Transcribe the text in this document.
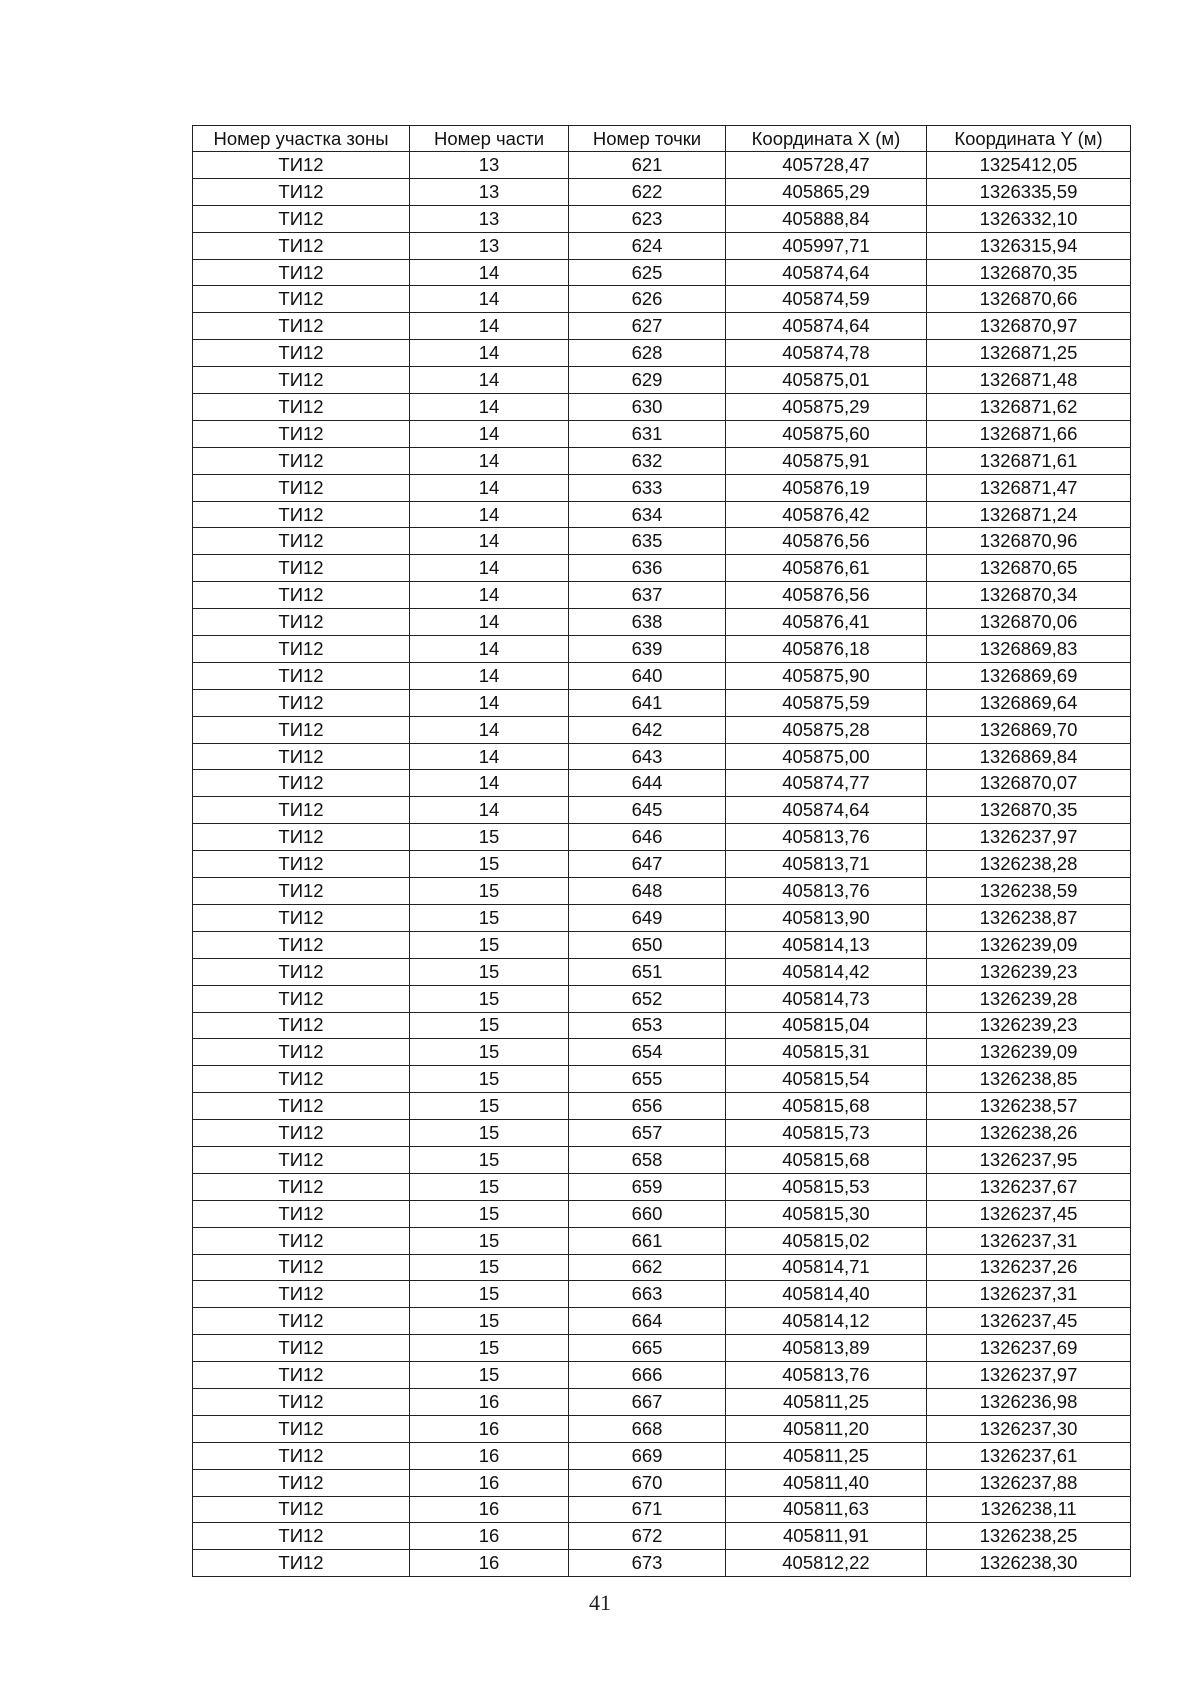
Номер участка зоны	Номер части	Номер точки	Координата X (м)	Координата Y (м)
ТИ12	13	621	405728,47	1325412,05
ТИ12	13	622	405865,29	1326335,59
ТИ12	13	623	405888,84	1326332,10
ТИ12	13	624	405997,71	1326315,94
ТИ12	14	625	405874,64	1326870,35
ТИ12	14	626	405874,59	1326870,66
ТИ12	14	627	405874,64	1326870,97
ТИ12	14	628	405874,78	1326871,25
ТИ12	14	629	405875,01	1326871,48
ТИ12	14	630	405875,29	1326871,62
ТИ12	14	631	405875,60	1326871,66
ТИ12	14	632	405875,91	1326871,61
ТИ12	14	633	405876,19	1326871,47
ТИ12	14	634	405876,42	1326871,24
ТИ12	14	635	405876,56	1326870,96
ТИ12	14	636	405876,61	1326870,65
ТИ12	14	637	405876,56	1326870,34
ТИ12	14	638	405876,41	1326870,06
ТИ12	14	639	405876,18	1326869,83
ТИ12	14	640	405875,90	1326869,69
ТИ12	14	641	405875,59	1326869,64
ТИ12	14	642	405875,28	1326869,70
ТИ12	14	643	405875,00	1326869,84
ТИ12	14	644	405874,77	1326870,07
ТИ12	14	645	405874,64	1326870,35
ТИ12	15	646	405813,76	1326237,97
ТИ12	15	647	405813,71	1326238,28
ТИ12	15	648	405813,76	1326238,59
ТИ12	15	649	405813,90	1326238,87
ТИ12	15	650	405814,13	1326239,09
ТИ12	15	651	405814,42	1326239,23
ТИ12	15	652	405814,73	1326239,28
ТИ12	15	653	405815,04	1326239,23
ТИ12	15	654	405815,31	1326239,09
ТИ12	15	655	405815,54	1326238,85
ТИ12	15	656	405815,68	1326238,57
ТИ12	15	657	405815,73	1326238,26
ТИ12	15	658	405815,68	1326237,95
ТИ12	15	659	405815,53	1326237,67
ТИ12	15	660	405815,30	1326237,45
ТИ12	15	661	405815,02	1326237,31
ТИ12	15	662	405814,71	1326237,26
ТИ12	15	663	405814,40	1326237,31
ТИ12	15	664	405814,12	1326237,45
ТИ12	15	665	405813,89	1326237,69
ТИ12	15	666	405813,76	1326237,97
ТИ12	16	667	405811,25	1326236,98
ТИ12	16	668	405811,20	1326237,30
ТИ12	16	669	405811,25	1326237,61
ТИ12	16	670	405811,40	1326237,88
ТИ12	16	671	405811,63	1326238,11
ТИ12	16	672	405811,91	1326238,25
ТИ12	16	673	405812,22	1326238,30
41
